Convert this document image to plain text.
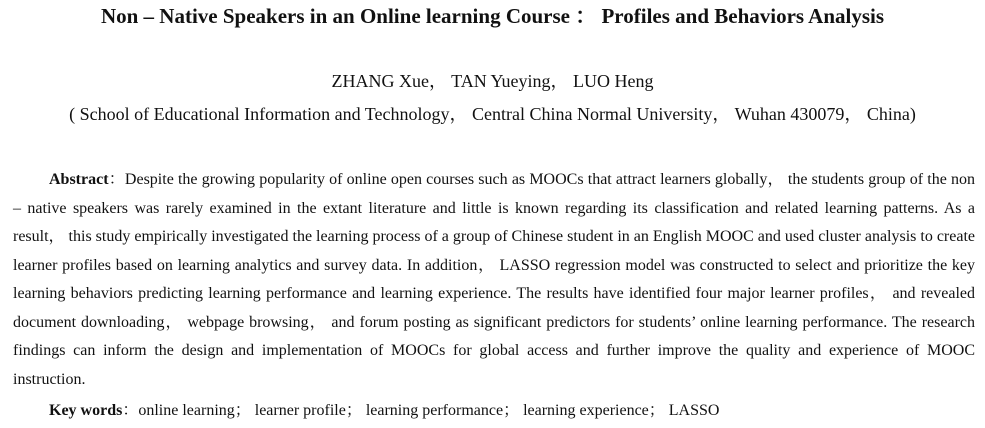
Non – Native Speakers in an Online learning Course ： Profiles and Behaviors Analysis
ZHANG Xue， TAN Yueying， LUO Heng
( School of Educational Information and Technology， Central China Normal University， Wuhan 430079， China)

Abstract：Despite the growing popularity of online open courses such as MOOCs that attract learners globally， the students group of the non – native speakers was rarely examined in the extant literature and little is known regarding its classification and related learning patterns. As a result， this study empirically investigated the learning process of a group of Chinese student in an English MOOC and used cluster analysis to create learner profiles based on learning analytics and survey data. In addition， LASSO regression model was constructed to select and prioritize the key learning behaviors predicting learning performance and learning experience. The results have identified four major learner profiles， and revealed document downloading， webpage browsing， and forum posting as significant predictors for students’ online learning performance. The research findings can inform the design and implementation of MOOCs for global access and further improve the quality and experience of MOOC instruction.

Key words：online learning； learner profile； learning performance； learning experience； LASSO
